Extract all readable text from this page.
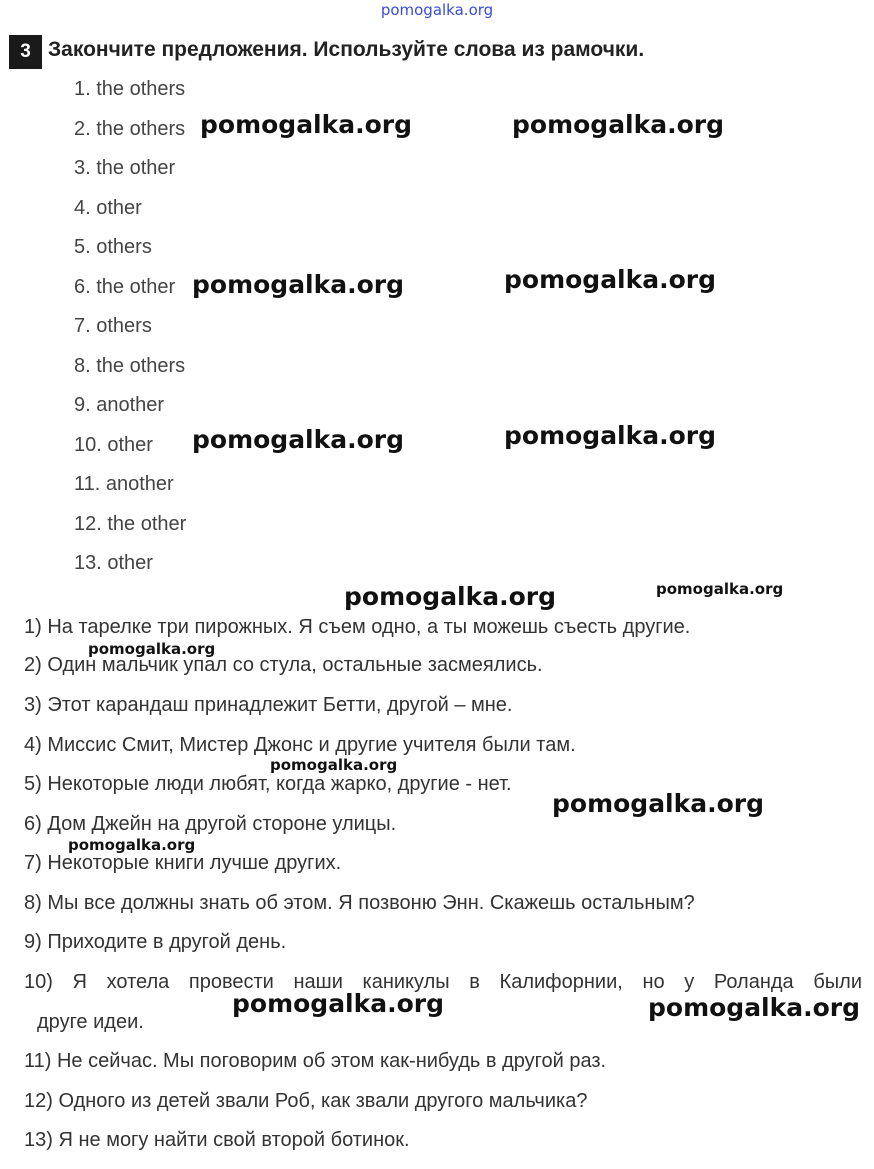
pomogalka.org
3 Закончите предложения. Используйте слова из рамочки.
1. the others
2. the others
3. the other
4. other
5. others
6. the other
7. others
8. the others
9. another
10. other
11. another
12. the other
13. other
1) На тарелке три пирожных. Я съем одно, а ты можешь съесть другие.
2) Один мальчик упал со стула, остальные засмеялись.
3) Этот карандаш принадлежит Бетти, другой – мне.
4) Миссис Смит, Мистер Джонс и другие учителя были там.
5) Некоторые люди любят, когда жарко, другие - нет.
6) Дом Джейн на другой стороне улицы.
7) Некоторые книги лучше других.
8) Мы все должны знать об этом. Я позвоню Энн. Скажешь остальным?
9) Приходите в другой день.
10) Я хотела провести наши каникулы в Калифорнии, но у Роланда были
друге идеи.
11) Не сейчас. Мы поговорим об этом как-нибудь в другой раз.
12) Одного из детей звали Роб, как звали другого мальчика?
13) Я не могу найти свой второй ботинок.
pomogalka.org	pomogalka.org
pomogalka.org	pomogalka.org
pomogalka.org	pomogalka.org
pomogalka.org	pomogalka.org
pomogalka.org
pomogalka.org
pomogalka.org
pomogalka.org
pomogalka.org	pomogalka.org
